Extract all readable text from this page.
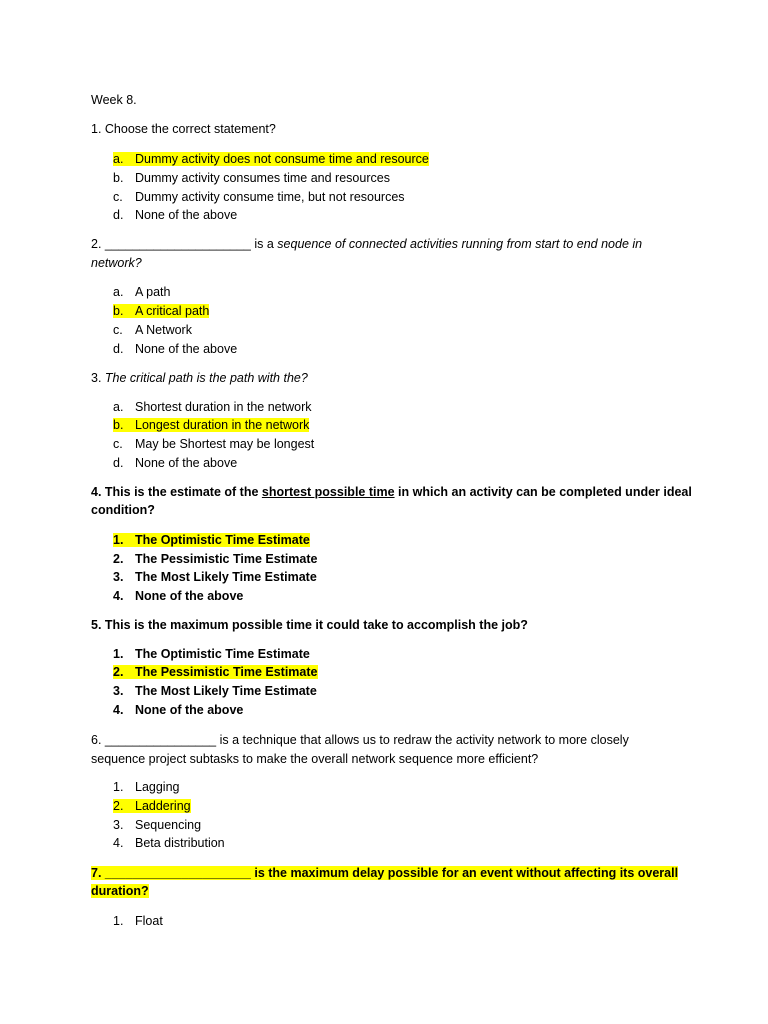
Week 8.
1. Choose the correct statement?
a. Dummy activity does not consume time and resource
b. Dummy activity consumes time and resources
c. Dummy activity consume time, but not resources
d. None of the above
2. _____________________ is a sequence of connected activities running from start to end node in
network?
a. A path
b. A critical path
c. A Network
d. None of the above
3. The critical path is the path with the?
a. Shortest duration in the network
b. Longest duration in the network
c. May be Shortest may be longest
d. None of the above
4. This is the estimate of the shortest possible time in which an activity can be completed under ideal
condition?
1. The Optimistic Time Estimate
2. The Pessimistic Time Estimate
3. The Most Likely Time Estimate
4. None of the above
5. This is the maximum possible time it could take to accomplish the job?
1. The Optimistic Time Estimate
2. The Pessimistic Time Estimate
3. The Most Likely Time Estimate
4. None of the above
6. ________________ is a technique that allows us to redraw the activity network to more closely
sequence project subtasks to make the overall network sequence more efficient?
1. Lagging
2. Laddering
3. Sequencing
4. Beta distribution
7. _____________________ is the maximum delay possible for an event without affecting its overall
duration?
1. Float
